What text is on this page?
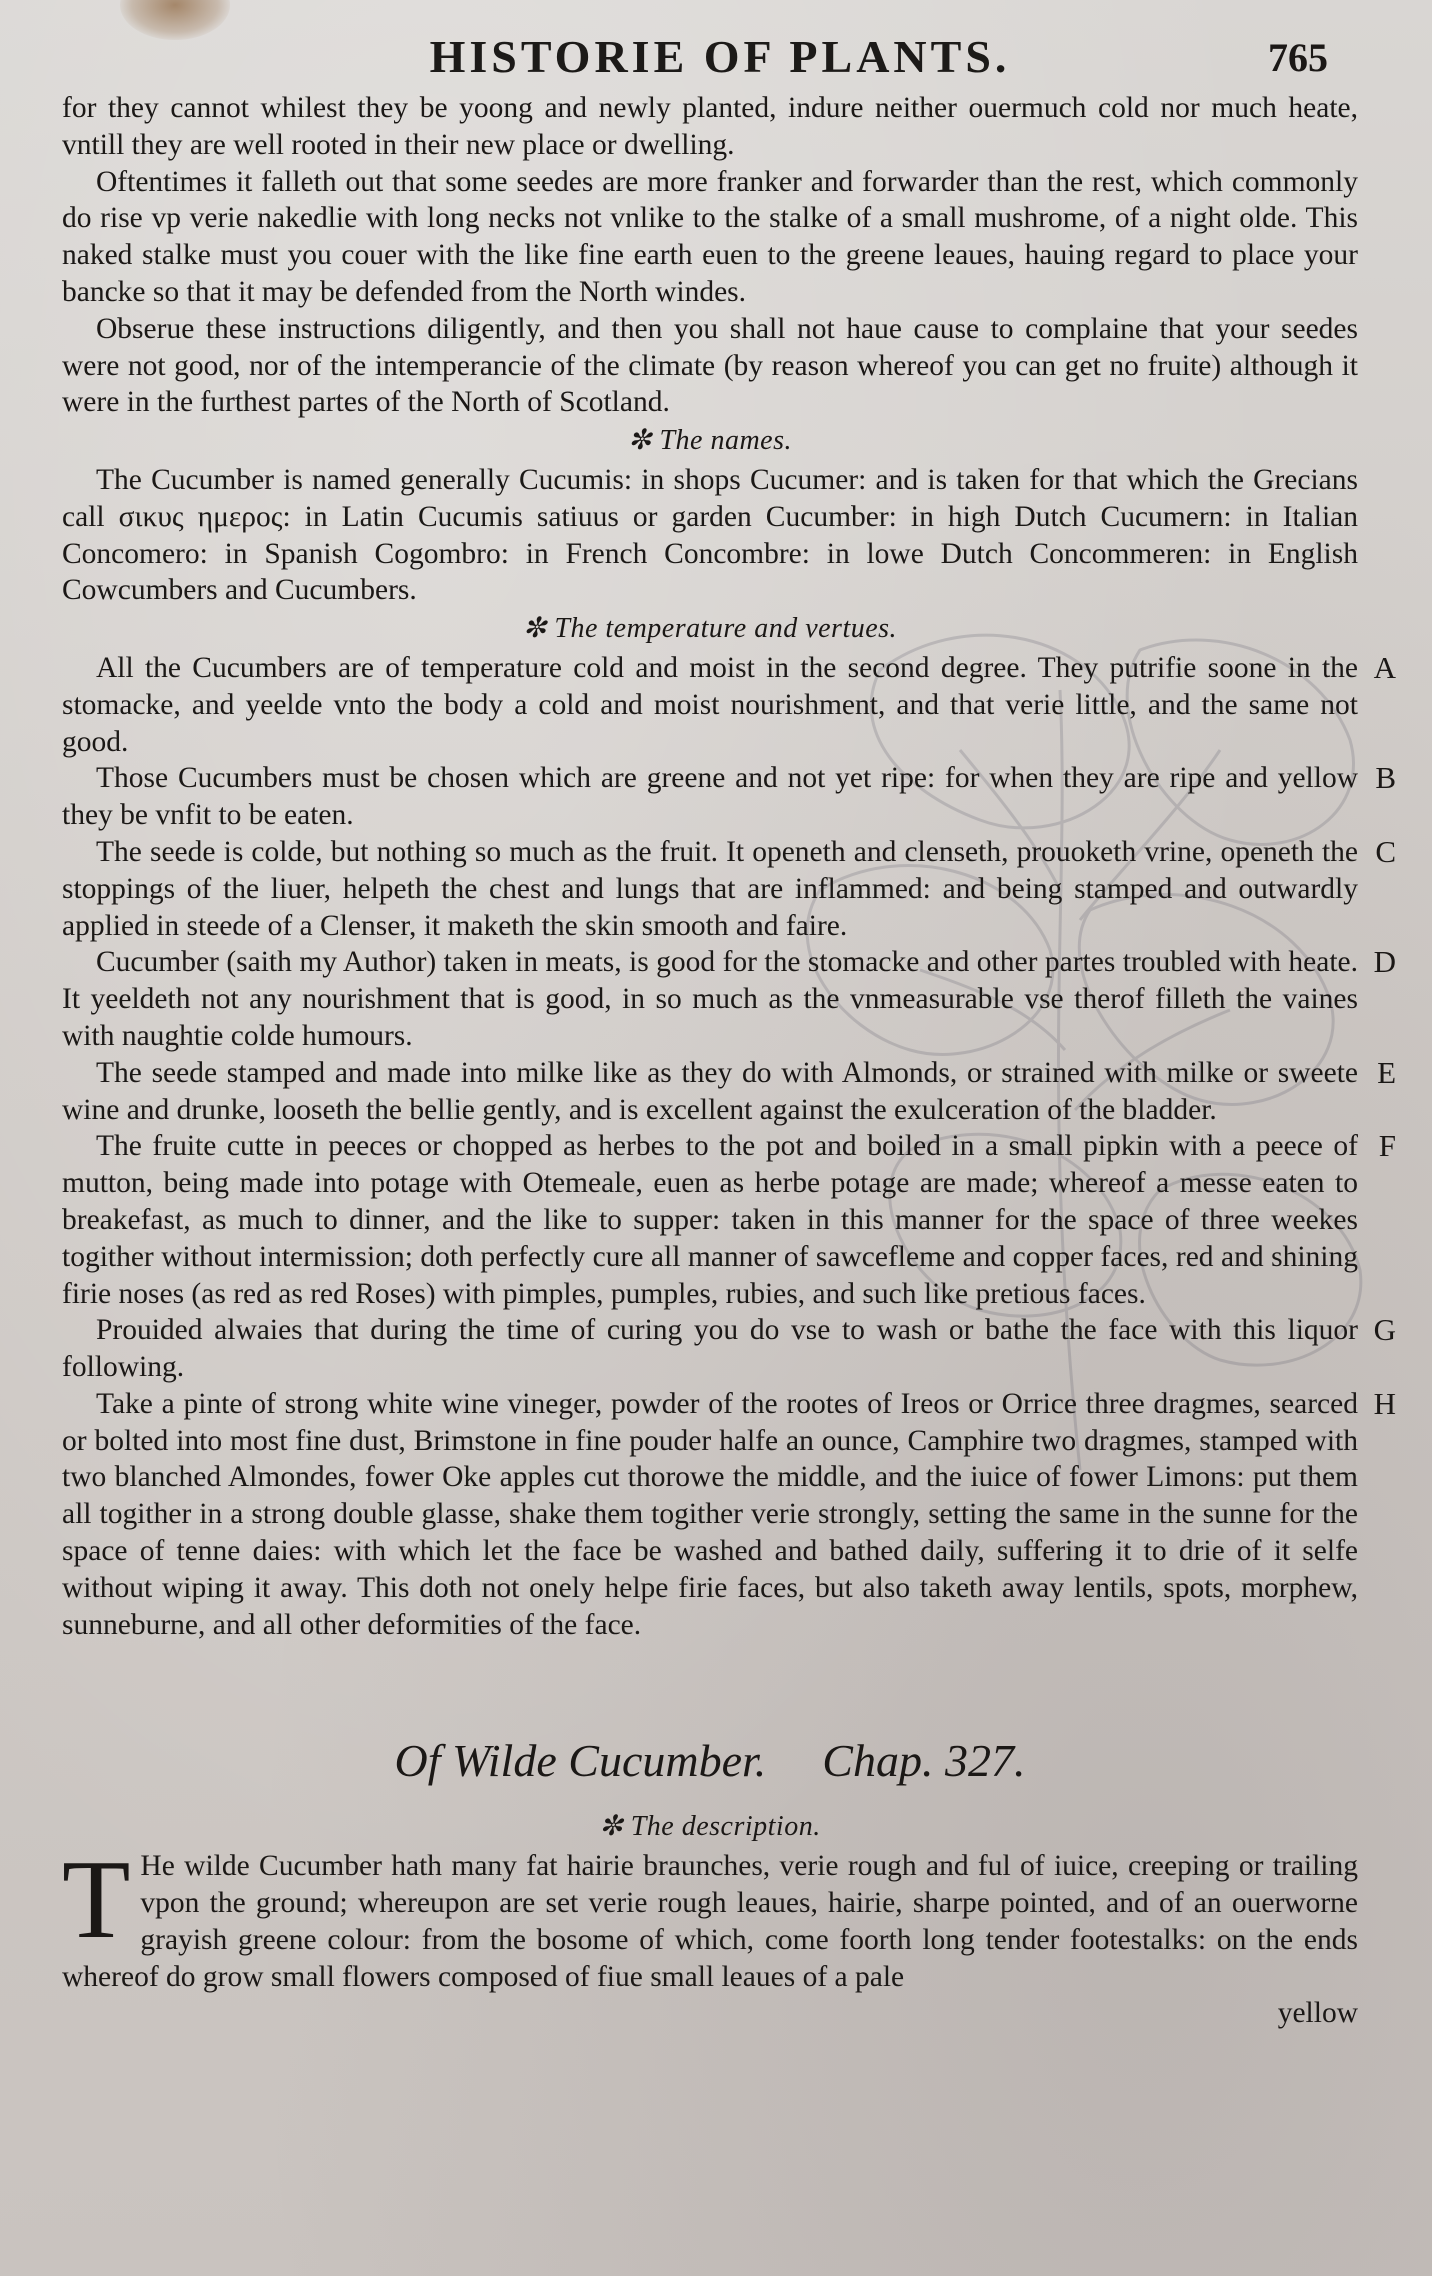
HISTORIE OF PLANTS.	765

for they cannot whilest they be yoong and newly planted, indure neither ouermuch cold nor much heate, vntill they are well rooted in their new place or dwelling.

Oftentimes it falleth out that some seedes are more franker and forwarder than the rest, which commonly do rise vp verie nakedlie with long necks not vnlike to the stalke of a small mushrome, of a night olde. This naked stalke must you couer with the like fine earth euen to the greene leaues, hauing regard to place your bancke so that it may be defended from the North windes.

Obserue these instructions diligently, and then you shall not haue cause to complaine that your seedes were not good, nor of the intemperancie of the climate (by reason whereof you can get no fruite) although it were in the furthest partes of the North of Scotland.

✼ The names.

The Cucumber is named generally Cucumis: in shops Cucumer: and is taken for that which the Grecians call σικυς ημερος: in Latin Cucumis satiuus or garden Cucumber: in high Dutch Cucumern: in Italian Concomero: in Spanish Cogombro: in French Concombre: in lowe Dutch Concommeren: in English Cowcumbers and Cucumbers.

✼ The temperature and vertues.

All the Cucumbers are of temperature cold and moist in the second degree. They putrifie soone in the stomacke, and yeelde vnto the body a cold and moist nourishment, and that verie little, and the same not good.
A

Those Cucumbers must be chosen which are greene and not yet ripe: for when they are ripe and yellow they be vnfit to be eaten.
B

The seede is colde, but nothing so much as the fruit. It openeth and clenseth, prouoketh vrine, openeth the stoppings of the liuer, helpeth the chest and lungs that are inflammed: and being stamped and outwardly applied in steede of a Clenser, it maketh the skin smooth and faire.
C

Cucumber (saith my Author) taken in meats, is good for the stomacke and other partes troubled with heate. It yeeldeth not any nourishment that is good, in so much as the vnmeasurable vse therof filleth the vaines with naughtie colde humours.
D

The seede stamped and made into milke like as they do with Almonds, or strained with milke or sweete wine and drunke, looseth the bellie gently, and is excellent against the exulceration of the bladder.
E

The fruite cutte in peeces or chopped as herbes to the pot and boiled in a small pipkin with a peece of mutton, being made into potage with Otemeale, euen as herbe potage are made; whereof a messe eaten to breakefast, as much to dinner, and the like to supper: taken in this manner for the space of three weekes togither without intermission; doth perfectly cure all manner of sawcefleme and copper faces, red and shining firie noses (as red as red Roses) with pimples, pumples, rubies, and such like pretious faces.
F

Prouided alwaies that during the time of curing you do vse to wash or bathe the face with this liquor following.
G

Take a pinte of strong white wine vineger, powder of the rootes of Ireos or Orrice three dragmes, searced or bolted into most fine dust, Brimstone in fine pouder halfe an ounce, Camphire two dragmes, stamped with two blanched Almondes, fower Oke apples cut thorowe the middle, and the iuice of fower Limons: put them all togither in a strong double glasse, shake them togither verie strongly, setting the same in the sunne for the space of tenne daies: with which let the face be washed and bathed daily, suffering it to drie of it selfe without wiping it away. This doth not onely helpe firie faces, but also taketh away lentils, spots, morphew, sunneburne, and all other deformities of the face.
H

Of Wilde Cucumber. Chap. 327.
✼ The description.

T He wilde Cucumber hath many fat hairie braunches, verie rough and ful of iuice, creeping or trailing vpon the ground; whereupon are set verie rough leaues, hairie, sharpe pointed, and of an ouerworne grayish greene colour: from the bosome of which, come foorth long tender footestalks: on the ends whereof do grow small flowers composed of fiue small leaues of a pale

yellow
